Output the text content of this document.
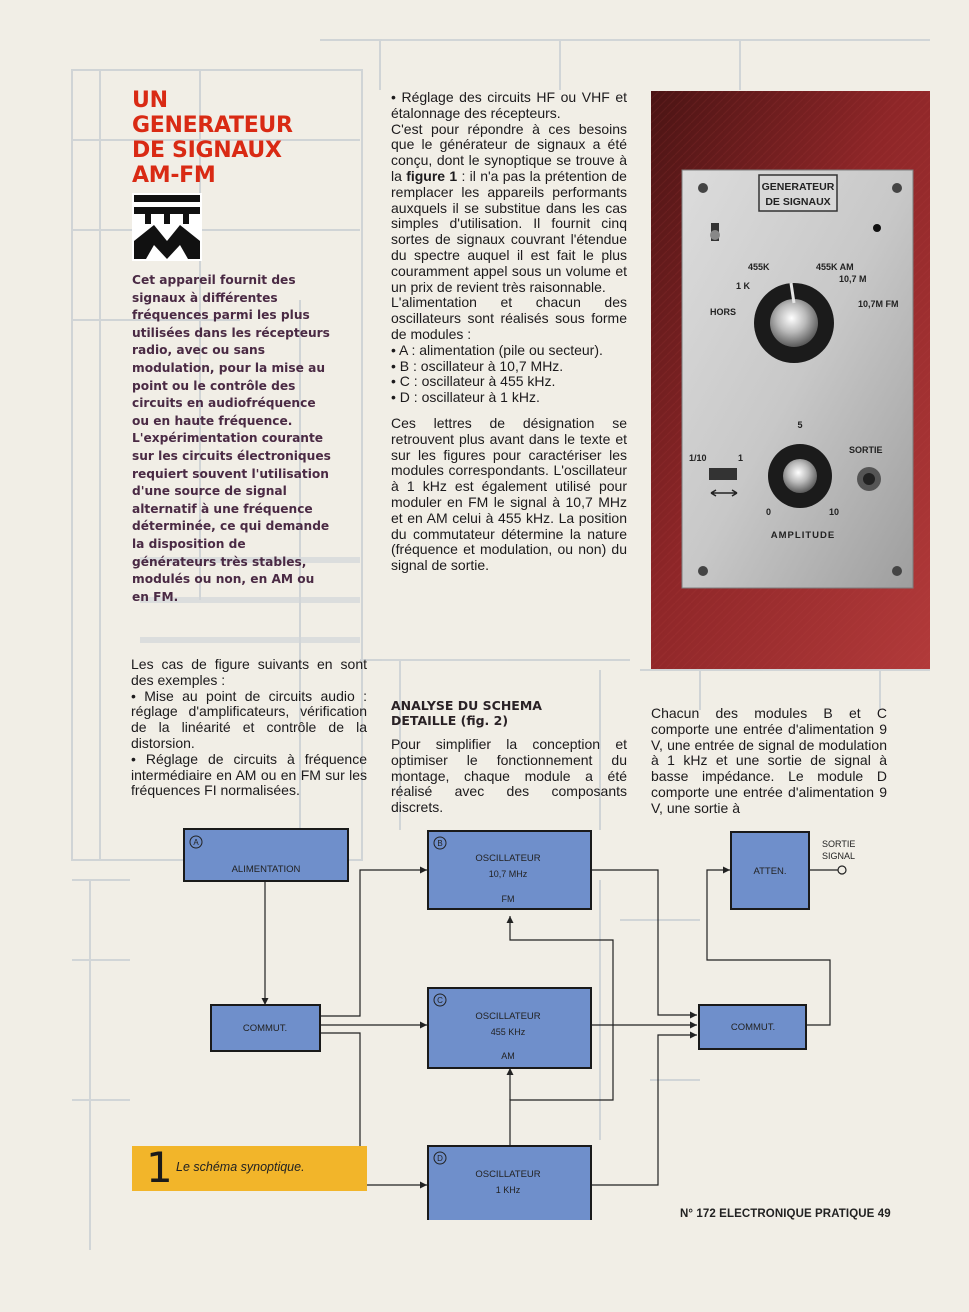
UN
GENERATEUR
DE SIGNAUX
AM-FM

Cet appareil fournit des signaux à différentes fréquences parmi les plus utilisées dans les récepteurs radio, avec ou sans modulation, pour la mise au point ou le contrôle des circuits en audiofréquence ou en haute fréquence. L'expérimentation courante sur les circuits électroniques requiert souvent l'utilisation d'une source de signal alternatif à une fréquence déterminée, ce qui demande la disposition de générateurs très stables, modulés ou non, en AM ou en FM.

Les cas de figure suivants en sont des exemples :

• Mise au point de circuits audio : réglage d'amplificateurs, vérification de la linéarité et contrôle de la distorsion.

• Réglage de circuits à fréquence intermédiaire en AM ou en FM sur les fréquences FI normalisées.

• Réglage des circuits HF ou VHF et étalonnage des récepteurs.

C'est pour répondre à ces besoins que le générateur de signaux a été conçu, dont le synoptique se trouve à la figure 1 : il n'a pas la prétention de remplacer les appareils performants auxquels il se substitue dans les cas simples d'utilisation. Il fournit cinq sortes de signaux couvrant l'étendue du spectre auquel il est fait le plus couramment appel sous un volume et un prix de revient très raisonnable.

L'alimentation et chacun des oscillateurs sont réalisés sous forme de modules :

• A : alimentation (pile ou secteur).

• B : oscillateur à 10,7 MHz.

• C : oscillateur à 455 kHz.

• D : oscillateur à 1 kHz.

Ces lettres de désignation se retrouvent plus avant dans le texte et sur les figures pour caractériser les modules correspondants. L'oscillateur à 1 kHz est également utilisé pour moduler en FM le signal à 10,7 MHz et en AM celui à 455 kHz. La position du commutateur détermine la nature (fréquence et modulation, ou non) du signal de sortie.

ANALYSE DU SCHEMA
DETAILLE (fig. 2)

Pour simplifier la conception et optimiser le fonctionnement du montage, chaque module a été réalisé avec des composants discrets.

Chacun des modules B et C comporte une entrée d'alimentation 9 V, une entrée de signal de modulation à 1 kHz et une sortie de signal à basse impédance. Le module D comporte une entrée d'alimentation 9 V, une sortie à

GENERATEUR
DE SIGNAUX
455K	455K AM
10,7 M
10,7M FM
1 K
HORS
5
0	10
1/10	1
SORTIE
AMPLITUDE
A
ALIMENTATION
B
OSCILLATEUR
10,7 MHz
FM
C
OSCILLATEUR
455 KHz
AM
D
OSCILLATEUR
1 KHz
COMMUT.	COMMUT.
ATTEN.
SORTIE
SIGNAL
1 Le schéma synoptique.
N° 172 ELECTRONIQUE PRATIQUE 49
